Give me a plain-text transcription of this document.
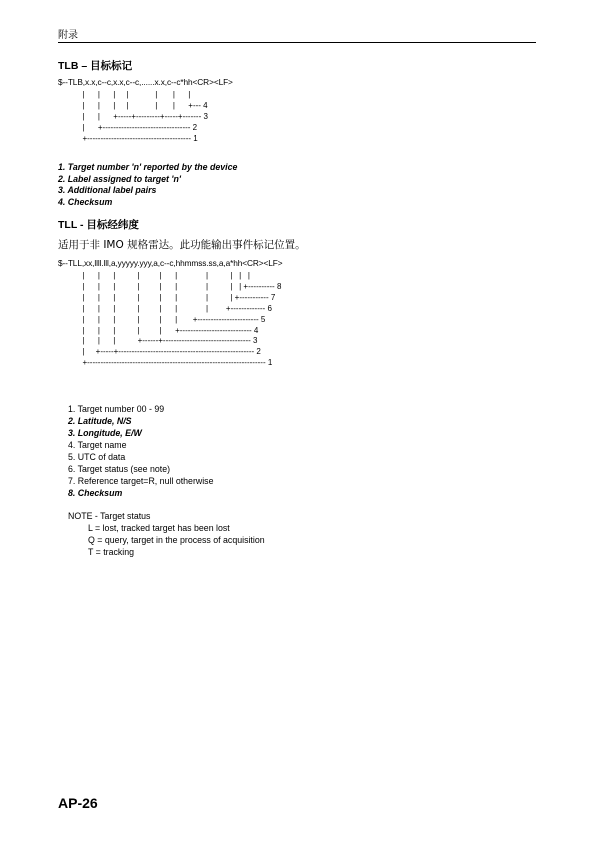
附录
TLB – 目标标记
$--TLB,x.x,c--c,x.x,c--c,......x.x,c--c*hh<CR><LF>
|      |      |     |            |       |      |
|      |      |     |            |       |      +--- 4
|      |      +-----+---------+-----+------- 3
|      +--------------------------------- 2
+--------------------------------------- 1
1. Target number 'n' reported by the device
2. Label assigned to target 'n'
3. Additional label pairs
4. Checksum
TLL - 目标经纬度
适用于非 IMO 规格雷达。此功能输出事件标记位置。
$--TLL,xx,llll.lll,a,yyyyy.yyy,a,c--c,hhmmss.ss,a,a*hh<CR><LF>
|      |      |          |         |      |             |          |   |   |
|      |      |          |         |      |             |          |   | +---------- 8
|      |      |          |         |      |             |          | +----------- 7
|      |      |          |         |      |             |        +------------- 6
|      |      |          |         |      |       +----------------------- 5
|      |      |          |         |      +--------------------------- 4
|      |      |          +------+--------------------------------- 3
|     +-----+--------------------------------------------------- 2
+------------------------------------------------------------------- 1
1. Target number 00 - 99
2. Latitude, N/S
3. Longitude, E/W
4. Target name
5. UTC of data
6. Target status (see note)
7. Reference target=R, null otherwise
8. Checksum
NOTE - Target status
L = lost, tracked target has been lost
Q = query, target in the process of acquisition
T = tracking
AP-26
